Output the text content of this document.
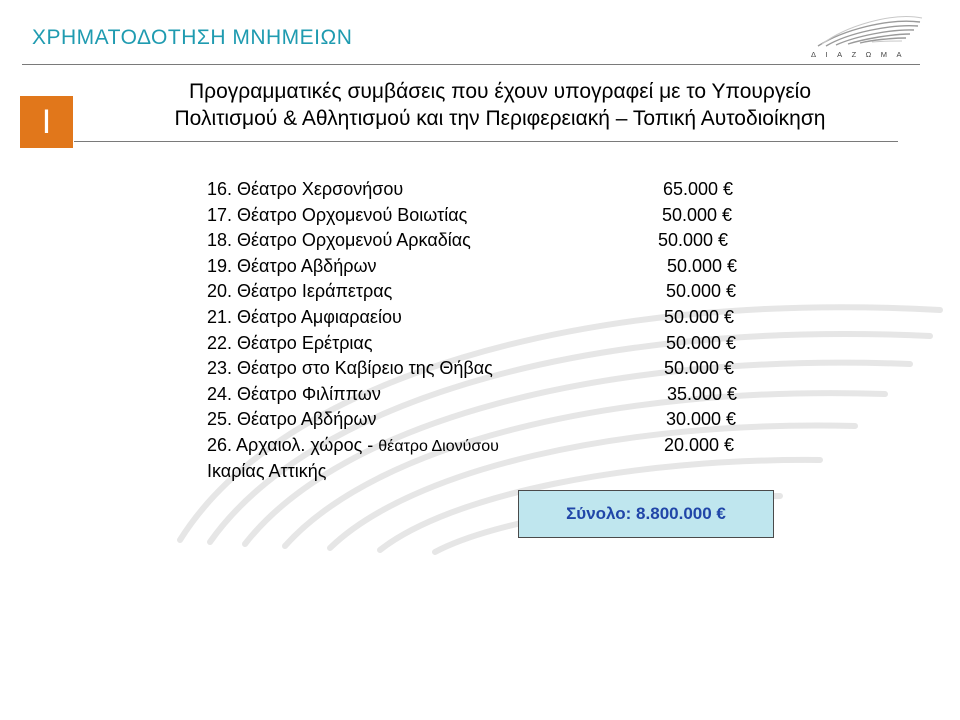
ΧΡΗΜΑΤΟΔΟΤΗΣΗ ΜΝΗΜΕΙΩΝ
ΔΙΑΖΩΜΑ
Ι
Προγραμματικές συμβάσεις που έχουν υπογραφεί με το Υπουργείο
Πολιτισμού & Αθλητισμού και την Περιφερειακή – Τοπική Αυτοδιοίκηση
16. Θέατρο Χερσονήσου	65.000 €
17. Θέατρο Ορχομενού Βοιωτίας	50.000 €
18. Θέατρο Ορχομενού Αρκαδίας	50.000 €
19. Θέατρο Αβδήρων	50.000 €
20. Θέατρο Ιεράπετρας	50.000 €
21. Θέατρο Αμφιαραείου	50.000 €
22. Θέατρο Ερέτριας	50.000 €
23. Θέατρο στο Καβίρειο της Θήβας	50.000 €
24. Θέατρο Φιλίππων	35.000 €
25. Θέατρο Αβδήρων	30.000 €
26. Αρχαιολ. χώρος - θέατρο Διονύσου	20.000 €
Ικαρίας Αττικής
Σύνολο: 8.800.000 €
